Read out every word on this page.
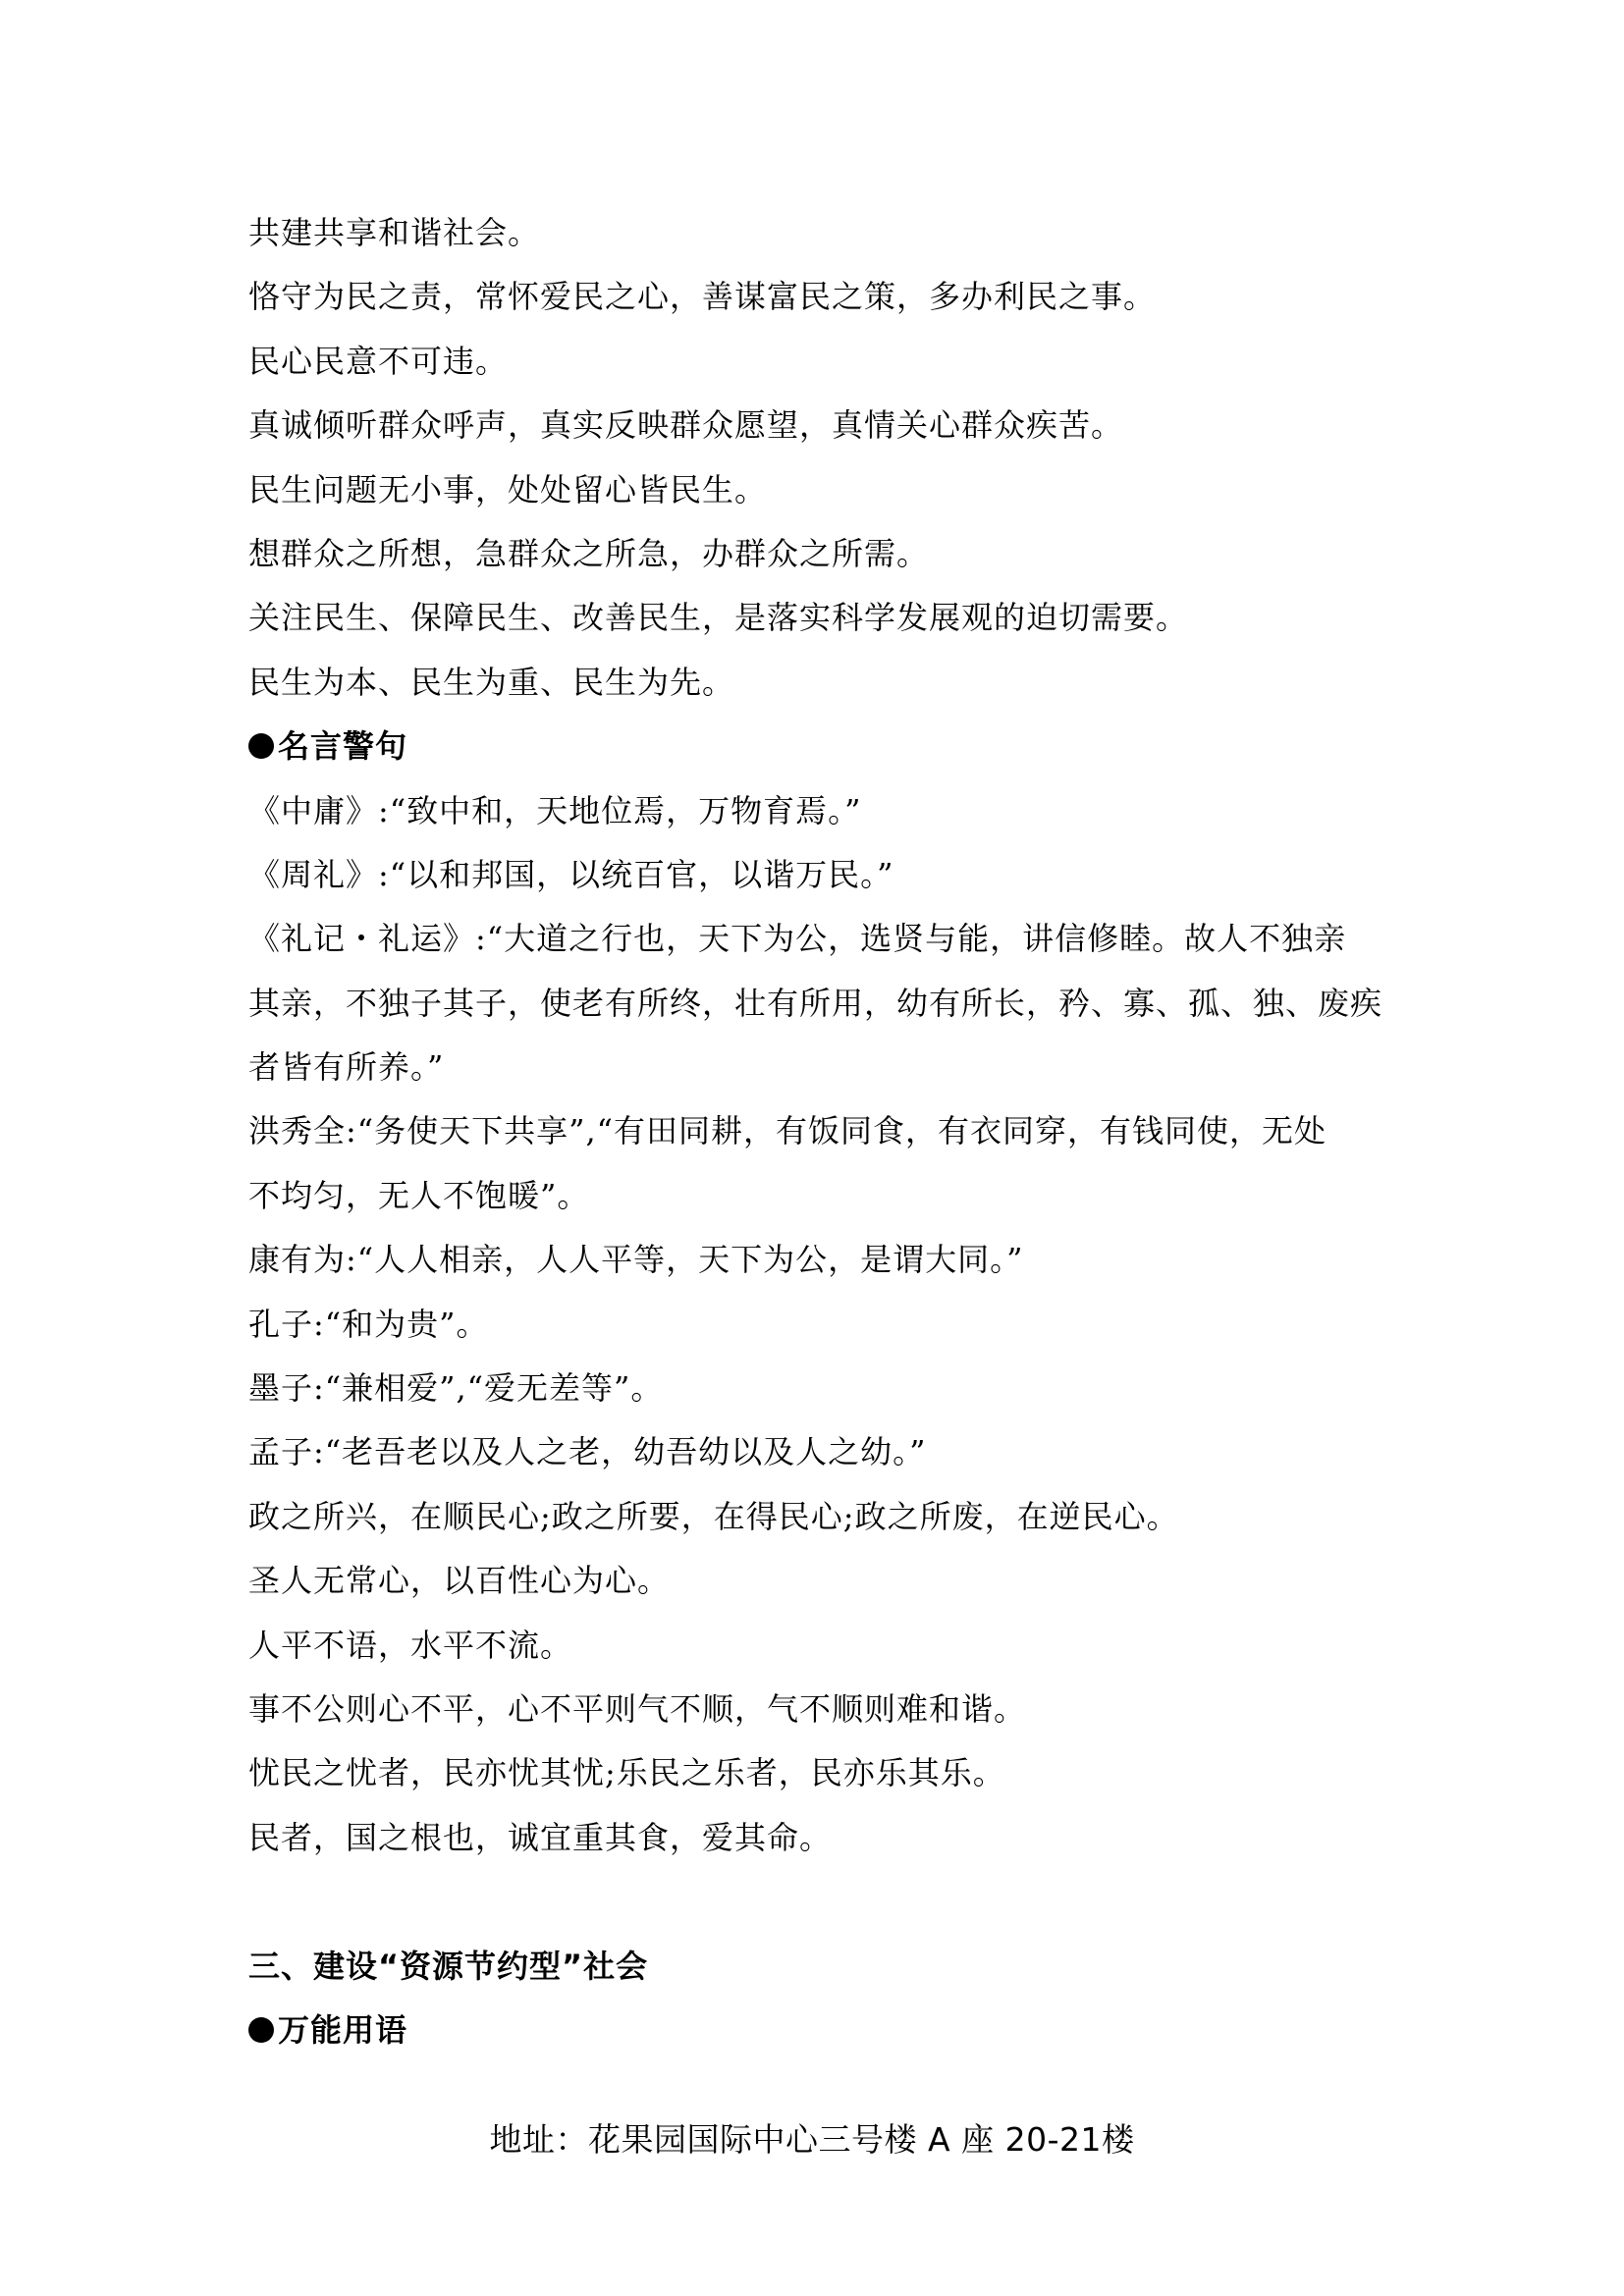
共建共享和谐社会。
恪守为民之责，常怀爱民之心，善谋富民之策，多办利民之事。
民心民意不可违。
真诚倾听群众呼声，真实反映群众愿望，真情关心群众疾苦。
民生问题无小事，处处留心皆民生。
想群众之所想，急群众之所急，办群众之所需。
关注民生、保障民生、改善民生，是落实科学发展观的迫切需要。
民生为本、民生为重、民生为先。
名言警句
《中庸》:“致中和，天地位焉，万物育焉。”
《周礼》:“以和邦国，以统百官，以谐万民。”
《礼记・礼运》:“大道之行也，天下为公，选贤与能，讲信修睦。故人不独亲
其亲，不独子其子，使老有所终，壮有所用，幼有所长，矜、寡、孤、独、废疾
者皆有所养。”
洪秀全:“务使天下共享”,“有田同耕，有饭同食，有衣同穿，有钱同使，无处
不均匀，无人不饱暖”。
康有为:“人人相亲，人人平等，天下为公，是谓大同。”
孔子:“和为贵”。
墨子:“兼相爱”,“爱无差等”。
孟子:“老吾老以及人之老，幼吾幼以及人之幼。”
政之所兴，在顺民心;政之所要，在得民心;政之所废，在逆民心。
圣人无常心，以百性心为心。
人平不语，水平不流。
事不公则心不平，心不平则气不顺，气不顺则难和谐。
忧民之忧者，民亦忧其忧;乐民之乐者，民亦乐其乐。
民者，国之根也，诚宜重其食，爱其命。
三、建设“资源节约型”社会
万能用语
地址：花果园国际中心三号楼 A 座 20-21楼
